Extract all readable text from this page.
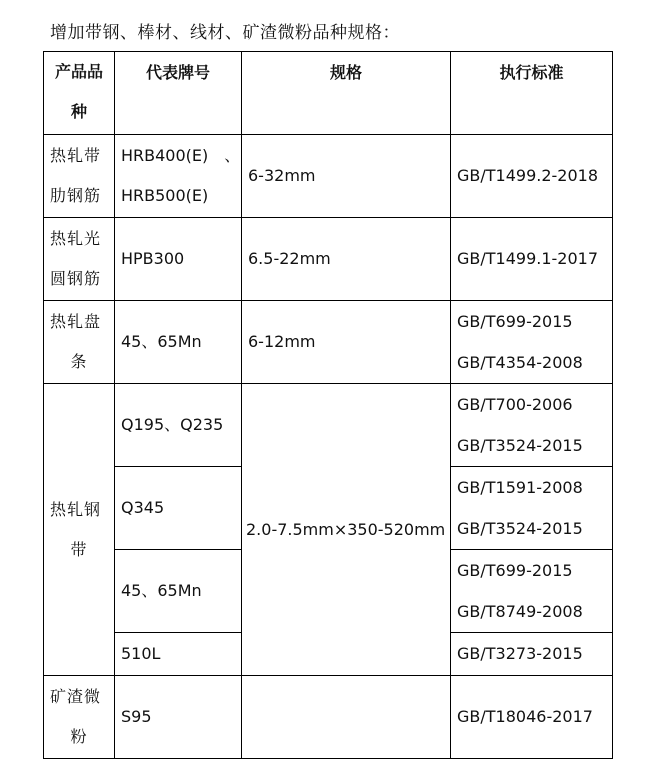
增加带钢、棒材、线材、矿渣微粉品种规格：
产品品
种	代表牌号	规格	执行标准

热轧带
肋钢筋	HRB400(E)　、
HRB500(E)	6-32mm	GB/T1499.2-2018

热轧光
圆钢筋	HPB300	6.5-22mm	GB/T1499.1-2017

热轧盘
条	45、65Mn	6-12mm	GB/T699-2015
GB/T4354-2008

热轧钢
带	Q195、Q235	2.0-7.5mm×350-520mm	GB/T700-2006
GB/T3524-2015

	Q345		GB/T1591-2008
GB/T3524-2015

	45、65Mn		GB/T699-2015
GB/T8749-2008

	510L		GB/T3273-2015

矿渣微
粉	S95		GB/T18046-2017
